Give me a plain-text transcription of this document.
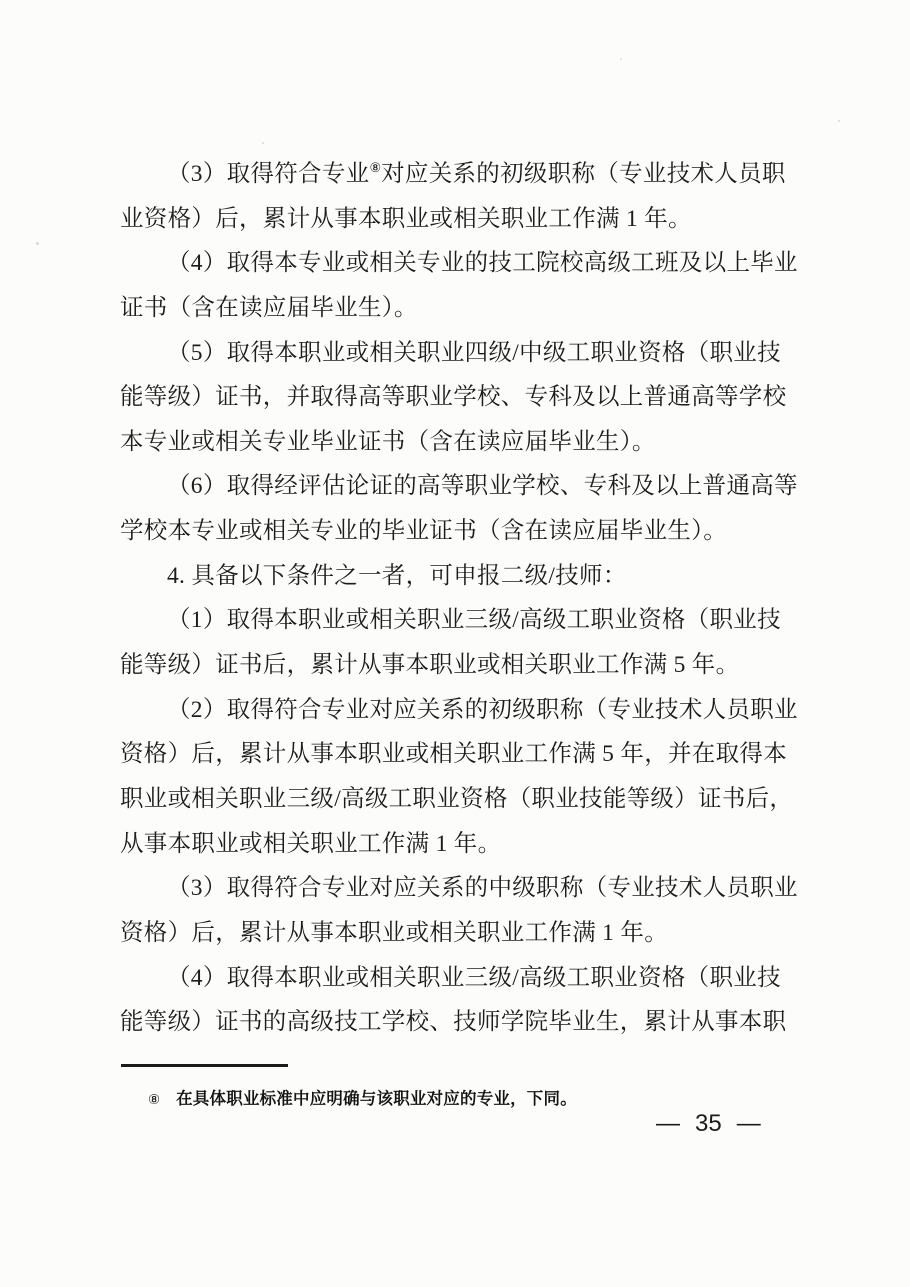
（3）取得符合专业⑧对应关系的初级职称（专业技术人员职
业资格）后，累计从事本职业或相关职业工作满 1 年。
（4）取得本专业或相关专业的技工院校高级工班及以上毕业
证书（含在读应届毕业生）。
（5）取得本职业或相关职业四级/中级工职业资格（职业技
能等级）证书，并取得高等职业学校、专科及以上普通高等学校
本专业或相关专业毕业证书（含在读应届毕业生）。
（6）取得经评估论证的高等职业学校、专科及以上普通高等
学校本专业或相关专业的毕业证书（含在读应届毕业生）。
4. 具备以下条件之一者，可申报二级/技师：
（1）取得本职业或相关职业三级/高级工职业资格（职业技
能等级）证书后，累计从事本职业或相关职业工作满 5 年。
（2）取得符合专业对应关系的初级职称（专业技术人员职业
资格）后，累计从事本职业或相关职业工作满 5 年，并在取得本
职业或相关职业三级/高级工职业资格（职业技能等级）证书后，
从事本职业或相关职业工作满 1 年。
（3）取得符合专业对应关系的中级职称（专业技术人员职业
资格）后，累计从事本职业或相关职业工作满 1 年。
（4）取得本职业或相关职业三级/高级工职业资格（职业技
能等级）证书的高级技工学校、技师学院毕业生，累计从事本职
⑧ 在具体职业标准中应明确与该职业对应的专业，下同。
— 35 —
